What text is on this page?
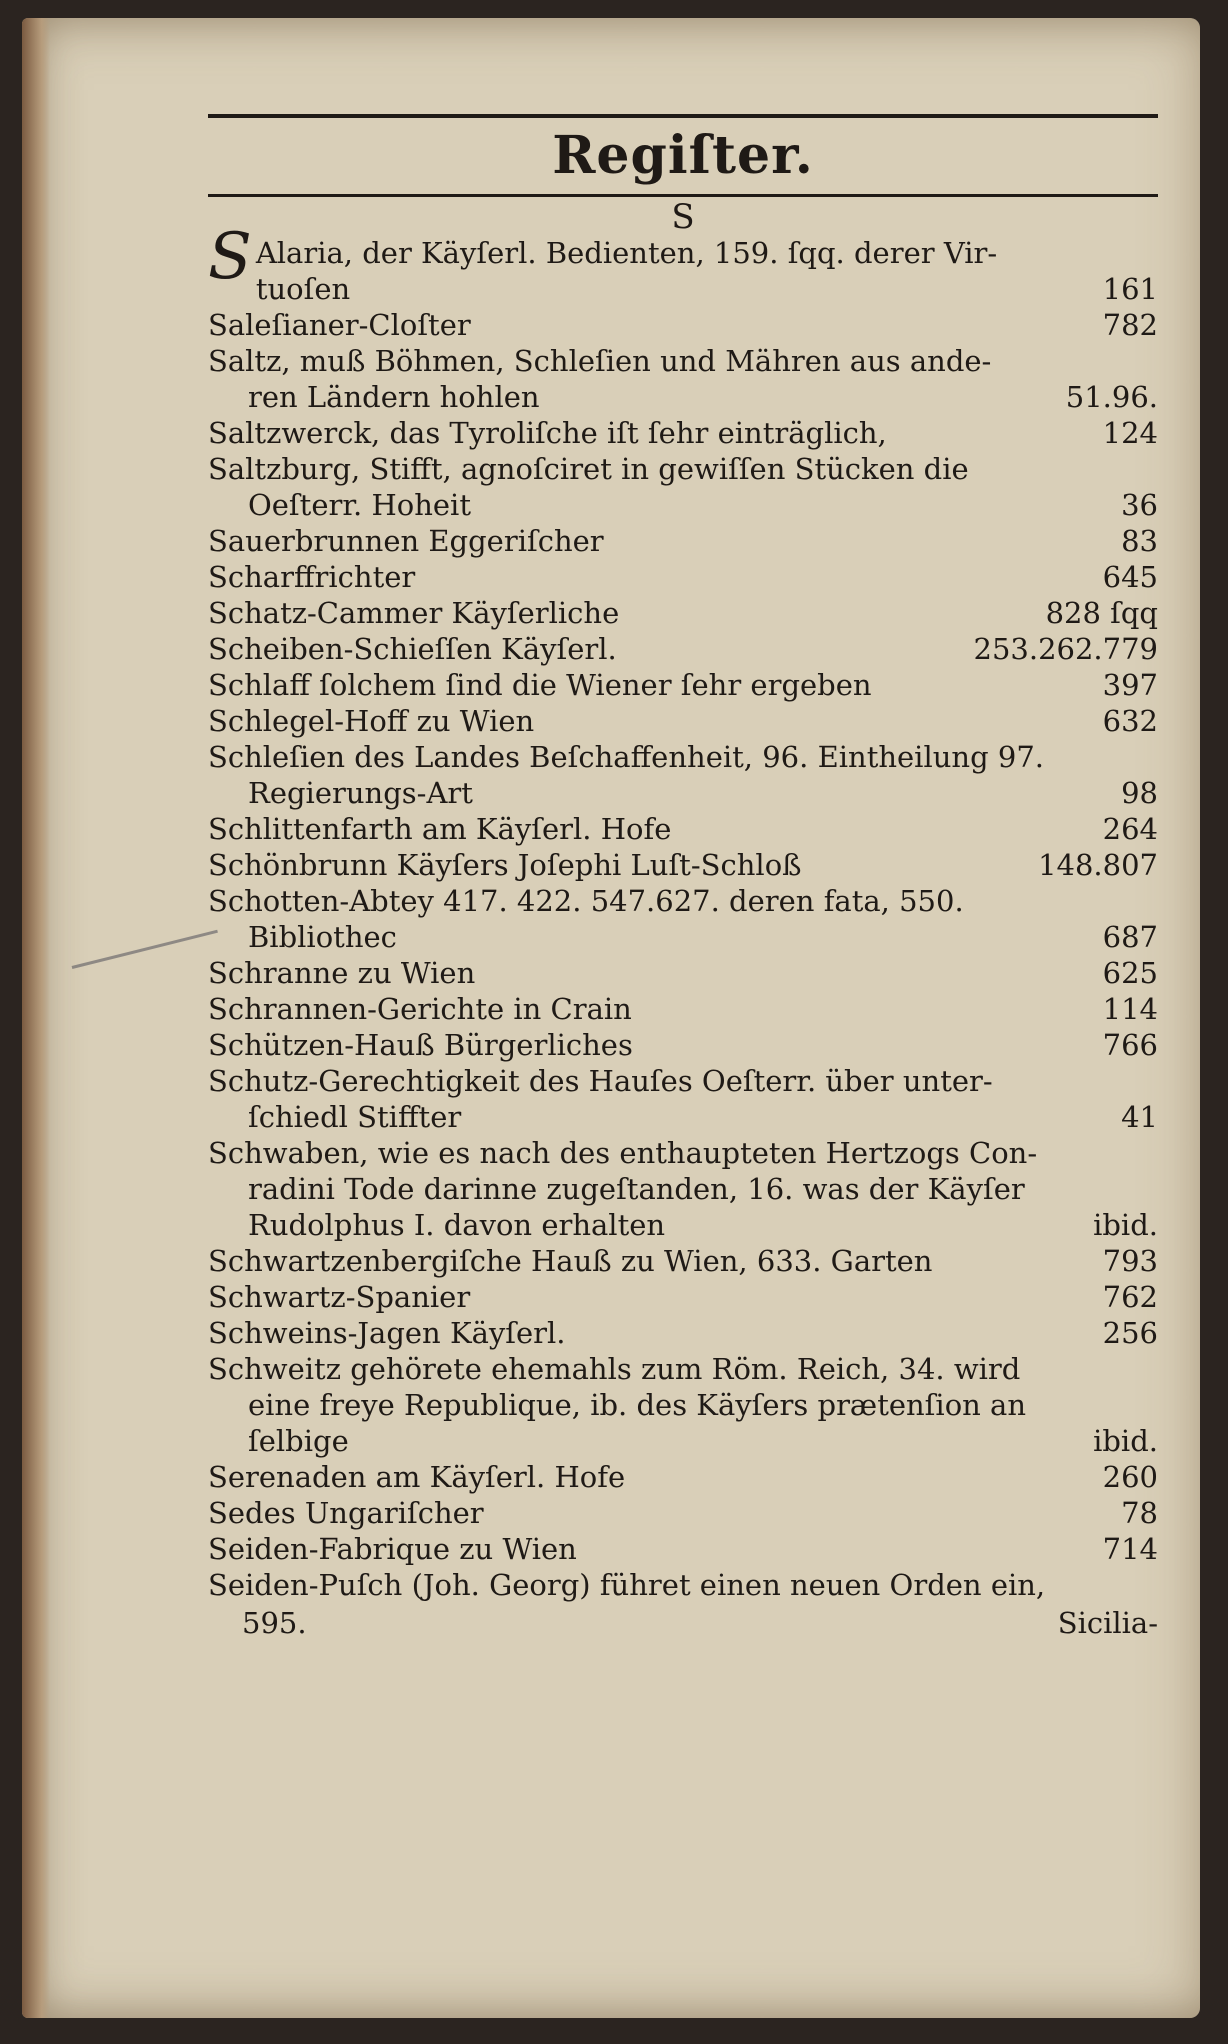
Regiſter.
S
S Alaria, der Käyſerl. Bedienten, 159. ſqq. derer Vir-
tuoſen	161
Saleſianer-Cloſter	782
Saltz, muß Böhmen, Schleſien und Mähren aus ande-
ren Ländern hohlen	51.96.
Saltzwerck, das Tyroliſche iſt ſehr einträglich,	124
Saltzburg, Stifft, agnoſciret in gewiſſen Stücken die
Oeſterr. Hoheit	36
Sauerbrunnen Eggeriſcher	83
Scharffrichter	645
Schatz-Cammer Käyſerliche	828 ſqq
Scheiben-Schieſſen Käyſerl.	253.262.779
Schlaff ſolchem ſind die Wiener ſehr ergeben	397
Schlegel-Hoff zu Wien	632
Schleſien des Landes Beſchaffenheit, 96. Eintheilung 97.
Regierungs-Art	98
Schlittenfarth am Käyſerl. Hofe	264
Schönbrunn Käyſers Joſephi Luſt-Schloß	148.807
Schotten-Abtey 417. 422. 547.627. deren fata, 550.
Bibliothec	687
Schranne zu Wien	625
Schrannen-Gerichte in Crain	114
Schützen-Hauß Bürgerliches	766
Schutz-Gerechtigkeit des Hauſes Oeſterr. über unter-
ſchiedl Stiffter	41
Schwaben, wie es nach des enthaupteten Hertzogs Con-
radini Tode darinne zugeſtanden, 16. was der Käyſer
Rudolphus I. davon erhalten	ibid.
Schwartzenbergiſche Hauß zu Wien, 633. Garten	793
Schwartz-Spanier	762
Schweins-Jagen Käyſerl.	256
Schweitz gehörete ehemahls zum Röm. Reich, 34. wird
eine freye Republique, ib. des Käyſers prætenſion an
ſelbige	ibid.
Serenaden am Käyſerl. Hofe	260
Sedes Ungariſcher	78
Seiden-Fabrique zu Wien	714
Seiden-Puſch (Joh. Georg) führet einen neuen Orden ein,
595.	Sicilia-
